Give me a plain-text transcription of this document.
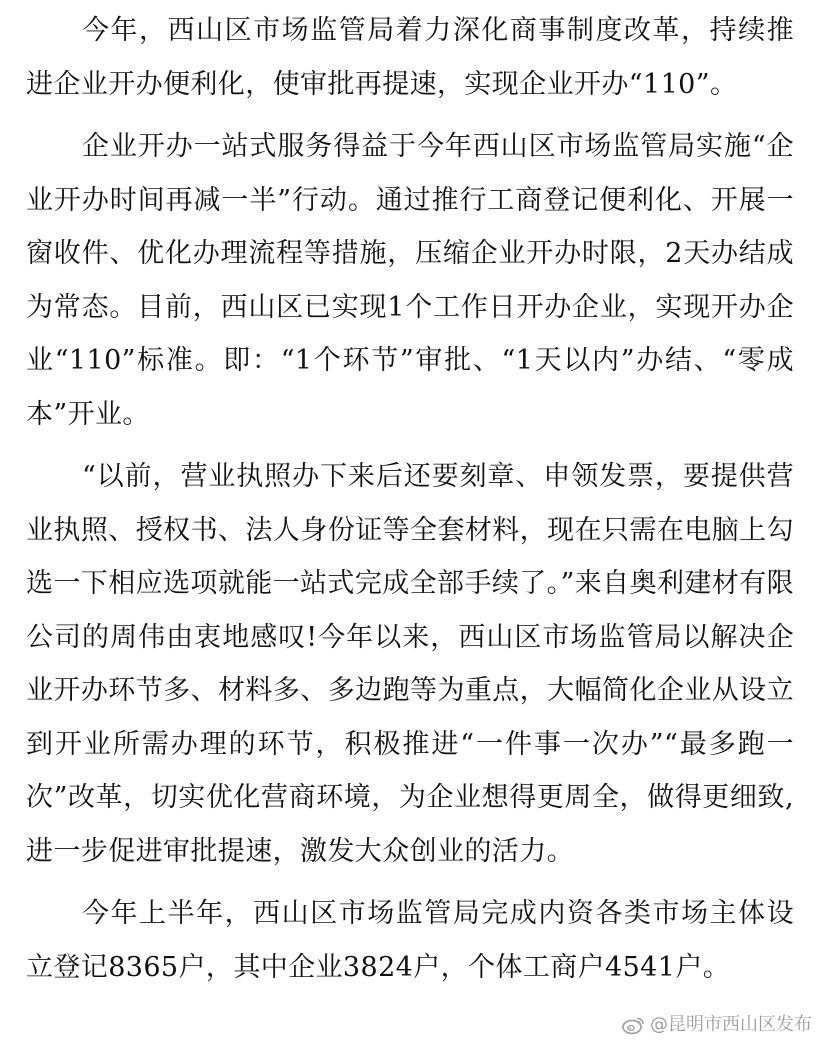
今年，西山区市场监管局着力深化商事制度改革，持续推进企业开办便利化，使审批再提速，实现企业开办“110”。

企业开办一站式服务得益于今年西山区市场监管局实施“企业开办时间再减一半”行动。通过推行工商登记便利化、开展一窗收件、优化办理流程等措施，压缩企业开办时限，2天办结成为常态。目前，西山区已实现1个工作日开办企业，实现开办企业“110”标准。即：“1个环节”审批、“1天以内”办结、“零成本”开业。

“以前，营业执照办下来后还要刻章、申领发票，要提供营业执照、授权书、法人身份证等全套材料，现在只需在电脑上勾选一下相应选项就能一站式完成全部手续了。”来自奥利建材有限公司的周伟由衷地感叹!今年以来，西山区市场监管局以解决企业开办环节多、材料多、多边跑等为重点，大幅简化企业从设立到开业所需办理的环节，积极推进“一件事一次办”“最多跑一次”改革，切实优化营商环境，为企业想得更周全，做得更细致,进一步促进审批提速，激发大众创业的活力。

今年上半年，西山区市场监管局完成内资各类市场主体设立登记8365户，其中企业3824户，个体工商户4541户。

@昆明市西山区发布
